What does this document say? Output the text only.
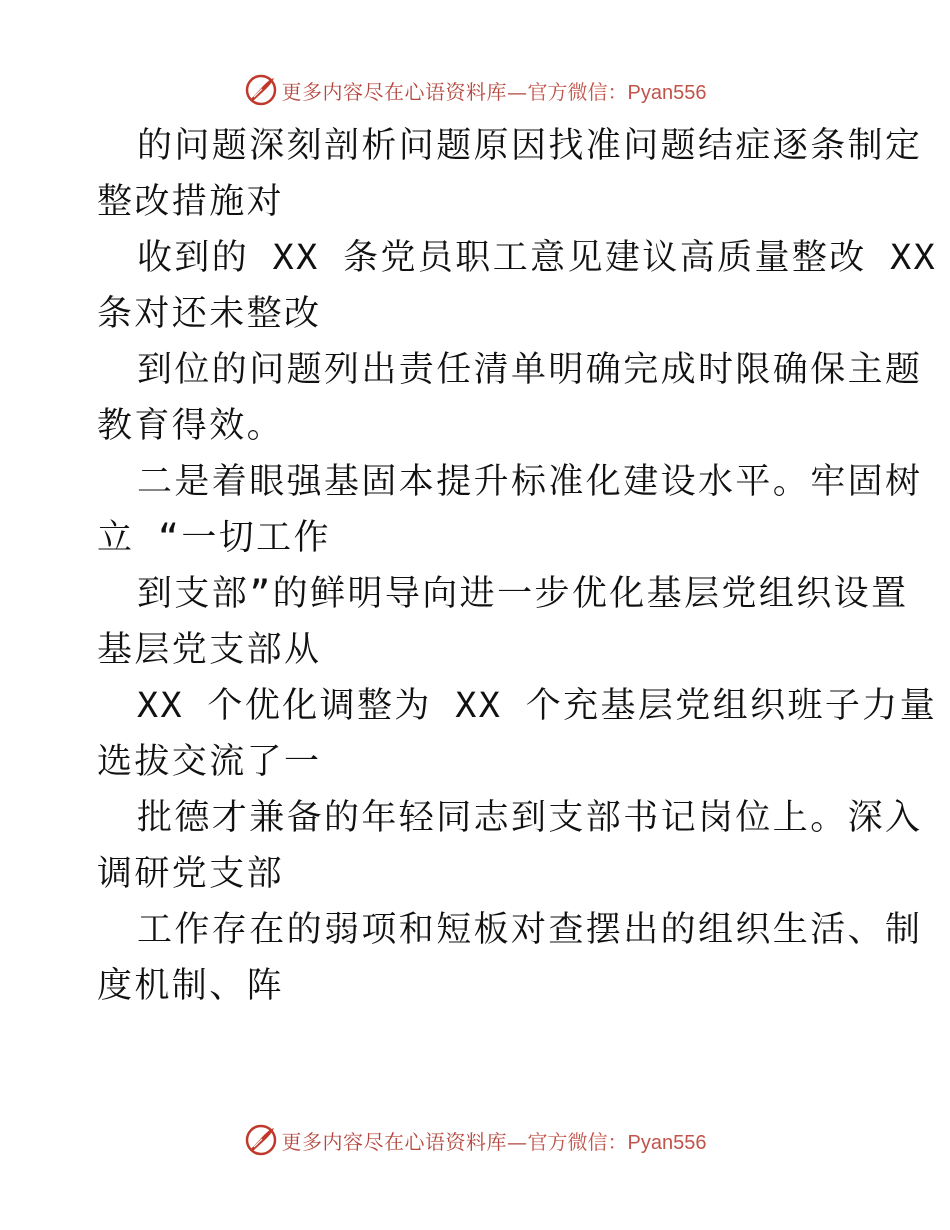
更多内容尽在心语资料库— 官方微信：Pyan556
的问题深刻剖析问题原因找准问题结症逐条制定
整改措施对
收到的 XX 条党员职工意见建议高质量整改 XX
条对还未整改
到位的问题列出责任清单明确完成时限确保主题
教育得效。
二是着眼强基固本提升标准化建设水平。牢固树
立 “一切工作
到支部”的鲜明导向进一步优化基层党组织设置
基层党支部从
XX 个优化调整为 XX 个充基层党组织班子力量
选拔交流了一
批德才兼备的年轻同志到支部书记岗位上。深入
调研党支部
工作存在的弱项和短板对查摆出的组织生活、制
度机制、阵
更多内容尽在心语资料库— 官方微信：Pyan556
